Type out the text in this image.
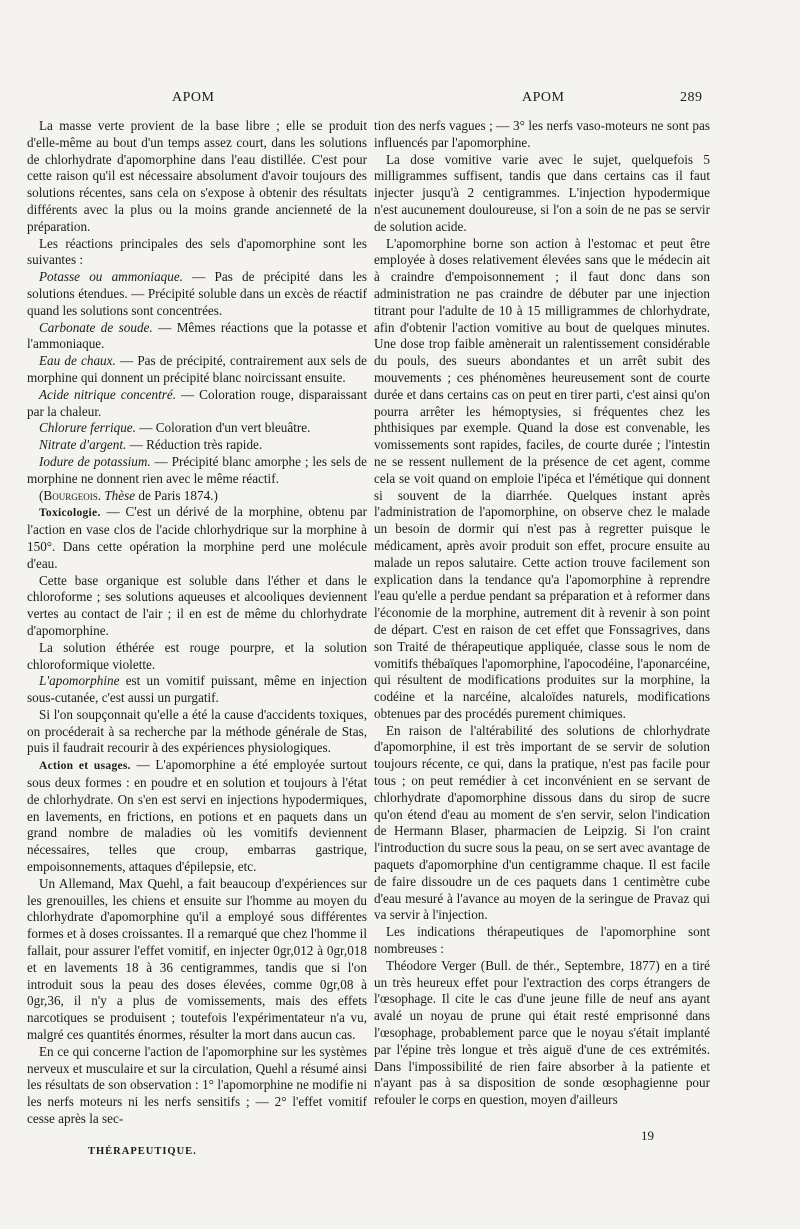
APOM	APOM	289

La masse verte provient de la base libre ; elle se produit d'elle-même au bout d'un temps assez court, dans les solutions de chlorhydrate d'apomorphine dans l'eau distillée. C'est pour cette raison qu'il est nécessaire absolument d'avoir toujours des solutions récentes, sans cela on s'expose à obtenir des résultats différents avec la plus ou la moins grande ancienneté de la préparation.

Les réactions principales des sels d'apomorphine sont les suivantes :

Potasse ou ammoniaque. — Pas de précipité dans les solutions étendues. — Précipité soluble dans un excès de réactif quand les solutions sont concentrées.

Carbonate de soude. — Mêmes réactions que la potasse et l'ammoniaque.

Eau de chaux. — Pas de précipité, contrairement aux sels de morphine qui donnent un précipité blanc noircissant ensuite.

Acide nitrique concentré. — Coloration rouge, disparaissant par la chaleur.

Chlorure ferrique. — Coloration d'un vert bleuâtre.

Nitrate d'argent. — Réduction très rapide.

Iodure de potassium. — Précipité blanc amorphe ; les sels de morphine ne donnent rien avec le même réactif.

(Bourgeois. Thèse de Paris 1874.)

Toxicologie. — C'est un dérivé de la morphine, obtenu par l'action en vase clos de l'acide chlorhydrique sur la morphine à 150°. Dans cette opération la morphine perd une molécule d'eau.

Cette base organique est soluble dans l'éther et dans le chloroforme ; ses solutions aqueuses et alcooliques deviennent vertes au contact de l'air ; il en est de même du chlorhydrate d'apomorphine.

La solution éthérée est rouge pourpre, et la solution chloroformique violette.

L'apomorphine est un vomitif puissant, même en injection sous-cutanée, c'est aussi un purgatif.

Si l'on soupçonnait qu'elle a été la cause d'accidents toxiques, on procéderait à sa recherche par la méthode générale de Stas, puis il faudrait recourir à des expériences physiologiques.

Action et usages. — L'apomorphine a été employée surtout sous deux formes : en poudre et en solution et toujours à l'état de chlorhydrate. On s'en est servi en injections hypodermiques, en lavements, en frictions, en potions et en paquets dans un grand nombre de maladies où les vomitifs deviennent nécessaires, telles que croup, embarras gastrique, empoisonnements, attaques d'épilepsie, etc.

Un Allemand, Max Quehl, a fait beaucoup d'expériences sur les grenouilles, les chiens et ensuite sur l'homme au moyen du chlorhydrate d'apomorphine qu'il a employé sous différentes formes et à doses croissantes. Il a remarqué que chez l'homme il fallait, pour assurer l'effet vomitif, en injecter 0gr,012 à 0gr,018 et en lavements 18 à 36 centigrammes, tandis que si l'on introduit sous la peau des doses élevées, comme 0gr,08 à 0gr,36, il n'y a plus de vomissements, mais des effets narcotiques se produisent ; toutefois l'expérimentateur n'a vu, malgré ces quantités énormes, résulter la mort dans aucun cas.

En ce qui concerne l'action de l'apomorphine sur les systèmes nerveux et musculaire et sur la circulation, Quehl a résumé ainsi les résultats de son observation : 1° l'apomorphine ne modifie ni les nerfs moteurs ni les nerfs sensitifs ; — 2° l'effet vomitif cesse après la sec-

tion des nerfs vagues ; — 3° les nerfs vaso-moteurs ne sont pas influencés par l'apomorphine.

La dose vomitive varie avec le sujet, quelquefois 5 milligrammes suffisent, tandis que dans certains cas il faut injecter jusqu'à 2 centigrammes. L'injection hypodermique n'est aucunement douloureuse, si l'on a soin de ne pas se servir de solution acide.

L'apomorphine borne son action à l'estomac et peut être employée à doses relativement élevées sans que le médecin ait à craindre d'empoisonnement ; il faut donc dans son administration ne pas craindre de débuter par une injection titrant pour l'adulte de 10 à 15 milligrammes de chlorhydrate, afin d'obtenir l'action vomitive au bout de quelques minutes. Une dose trop faible amènerait un ralentissement considérable du pouls, des sueurs abondantes et un arrêt subit des mouvements ; ces phénomènes heureusement sont de courte durée et dans certains cas on peut en tirer parti, c'est ainsi qu'on pourra arrêter les hémoptysies, si fréquentes chez les phthisiques par exemple. Quand la dose est convenable, les vomissements sont rapides, faciles, de courte durée ; l'intestin ne se ressent nullement de la présence de cet agent, comme cela se voit quand on emploie l'ipéca et l'émétique qui donnent si souvent de la diarrhée. Quelques instant après l'administration de l'apomorphine, on observe chez le malade un besoin de dormir qui n'est pas à regretter puisque le médicament, après avoir produit son effet, procure ensuite au malade un repos salutaire. Cette action trouve facilement son explication dans la tendance qu'a l'apomorphine à reprendre l'eau qu'elle a perdue pendant sa préparation et à reformer dans l'économie de la morphine, autrement dit à revenir à son point de départ. C'est en raison de cet effet que Fonssagrives, dans son Traité de thérapeutique appliquée, classe sous le nom de vomitifs thébaïques l'apomorphine, l'apocodéine, l'aponarcéine, qui résultent de modifications produites sur la morphine, la codéine et la narcéine, alcaloïdes naturels, modifications obtenues par des procédés purement chimiques.

En raison de l'altérabilité des solutions de chlorhydrate d'apomorphine, il est très important de se servir de solution toujours récente, ce qui, dans la pratique, n'est pas facile pour tous ; on peut remédier à cet inconvénient en se servant de chlorhydrate d'apomorphine dissous dans du sirop de sucre qu'on étend d'eau au moment de s'en servir, selon l'indication de Hermann Blaser, pharmacien de Leipzig. Si l'on craint l'introduction du sucre sous la peau, on se sert avec avantage de paquets d'apomorphine d'un centigramme chaque. Il est facile de faire dissoudre un de ces paquets dans 1 centimètre cube d'eau mesuré à l'avance au moyen de la seringue de Pravaz qui va servir à l'injection.

Les indications thérapeutiques de l'apomorphine sont nombreuses :

Théodore Verger (Bull. de thér., Septembre, 1877) en a tiré un très heureux effet pour l'extraction des corps étrangers de l'œsophage. Il cite le cas d'une jeune fille de neuf ans ayant avalé un noyau de prune qui était resté emprisonné dans l'œsophage, probablement parce que le noyau s'était implanté par l'épine très longue et très aiguë d'une de ces extrémités. Dans l'impossibilité de rien faire absorber à la patiente et n'ayant pas à sa disposition de sonde œsophagienne pour refouler le corps en question, moyen d'ailleurs

THÉRAPEUTIQUE.
19
